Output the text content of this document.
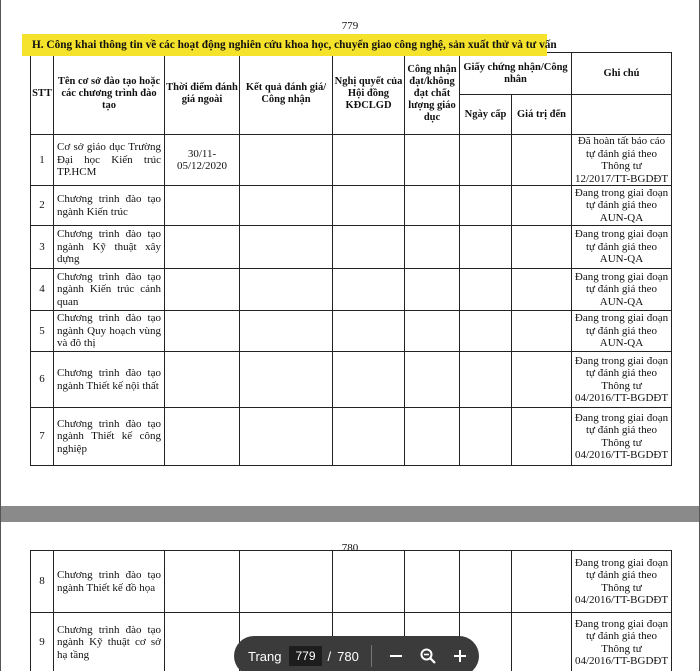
779
STT	Tên cơ sở đào tạo hoặc các chương trình đào tạo	Thời điểm đánh giá ngoài	Kết quả đánh giá/ Công nhận	Nghị quyết của Hội đồng KĐCLGD	Công nhận đạt/không đạt chất lượng giáo dục	Giấy chứng nhận/Công nhân		Ghi chú
						Ngày cấp	Giá trị đến	
1	Cơ sở giáo dục Trường Đại học Kiến trúc TP.HCM	30/11-05/12/2020						Đã hoàn tất báo cáo tự đánh giá theo Thông tư 12/2017/TT-BGDĐT
2	Chương trình đào tạo ngành Kiến trúc							Đang trong giai đoạn tự đánh giá theo AUN-QA
3	Chương trình đào tạo ngành Kỹ thuật xây dựng							Đang trong giai đoạn tự đánh giá theo AUN-QA
4	Chương trình đào tạo ngành Kiến trúc cảnh quan							Đang trong giai đoạn tự đánh giá theo AUN-QA
5	Chương trình đào tạo ngành Quy hoạch vùng và đô thị							Đang trong giai đoạn tự đánh giá theo AUN-QA
6	Chương trình đào tạo ngành Thiết kế nội thất							Đang trong giai đoạn tự đánh giá theo Thông tư 04/2016/TT-BGDĐT
7	Chương trình đào tạo ngành Thiết kế công nghiệp							Đang trong giai đoạn tự đánh giá theo Thông tư 04/2016/TT-BGDĐT
H. Công khai thông tin về các hoạt động nghiên cứu khoa học, chuyển giao công nghệ, sản xuất thử và tư vấn
780
8	Chương trình đào tạo ngành Thiết kế đồ họa							Đang trong giai đoạn tự đánh giá theo Thông tư 04/2016/TT-BGDĐT
9	Chương trình đào tạo ngành Kỹ thuật cơ sở hạ tầng							Đang trong giai đoạn tự đánh giá theo Thông tư 04/2016/TT-BGDĐT
Trang	779 / 780
